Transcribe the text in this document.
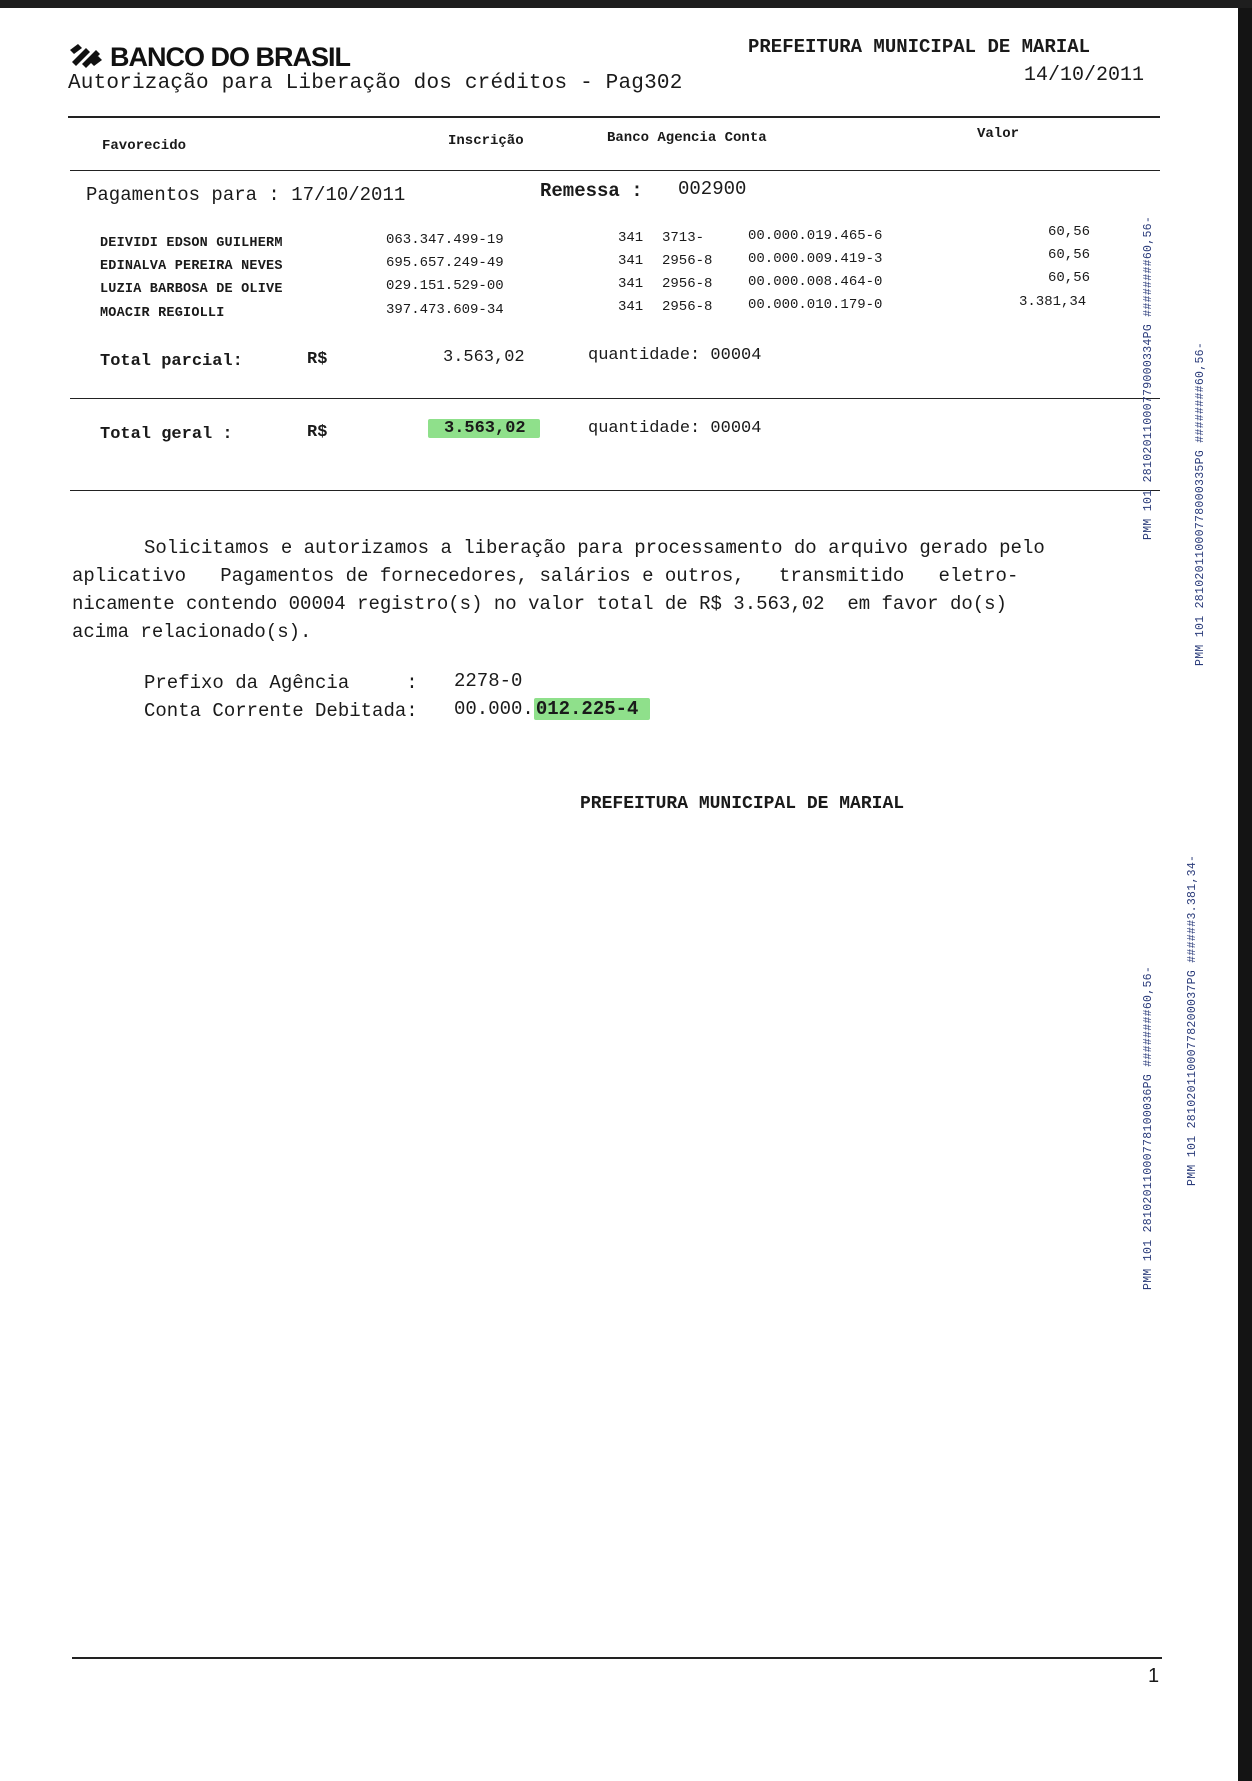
BANCO DO BRASIL
Autorização para Liberação dos créditos - Pag302
PREFEITURA MUNICIPAL DE MARIAL
14/10/2011
Favorecido	Inscrição	Banco Agencia Conta	Valor
Pagamentos para : 17/10/2011	Remessa : 002900
DEIVIDI EDSON GUILHERM	063.347.499-19	341 3713-	00.000.019.465-6	60,56
EDINALVA PEREIRA NEVES	695.657.249-49	341 2956-8	00.000.009.419-3	60,56
LUZIA BARBOSA DE OLIVE	029.151.529-00	341 2956-8	00.000.008.464-0	60,56
MOACIR REGIOLLI	397.473.609-34	341 2956-8	00.000.010.179-0	3.381,34
Total parcial:	R$	3.563,02	quantidade: 00004
Total geral :	R$	3.563,02	quantidade: 00004
Solicitamos e autorizamos a liberação para processamento do arquivo gerado pelo
aplicativo   Pagamentos de fornecedores, salários e outros,   transmitido   eletro-
nicamente contendo 00004 registro(s) no valor total de R$ 3.563,02  em favor do(s)
acima relacionado(s).
Prefixo da Agência     : 2278-0
Conta Corrente Debitada: 00.000. 012.225-4
PREFEITURA MUNICIPAL DE MARIAL
PMM 101 28102011000779000334PG ########60,56-	PMM 101 28102011000778000335PG ########60,56-
PMM 101 28102011000778100036PG ########60,56-	PMM 101 28102011000778200037PG ######3.381,34-
1
